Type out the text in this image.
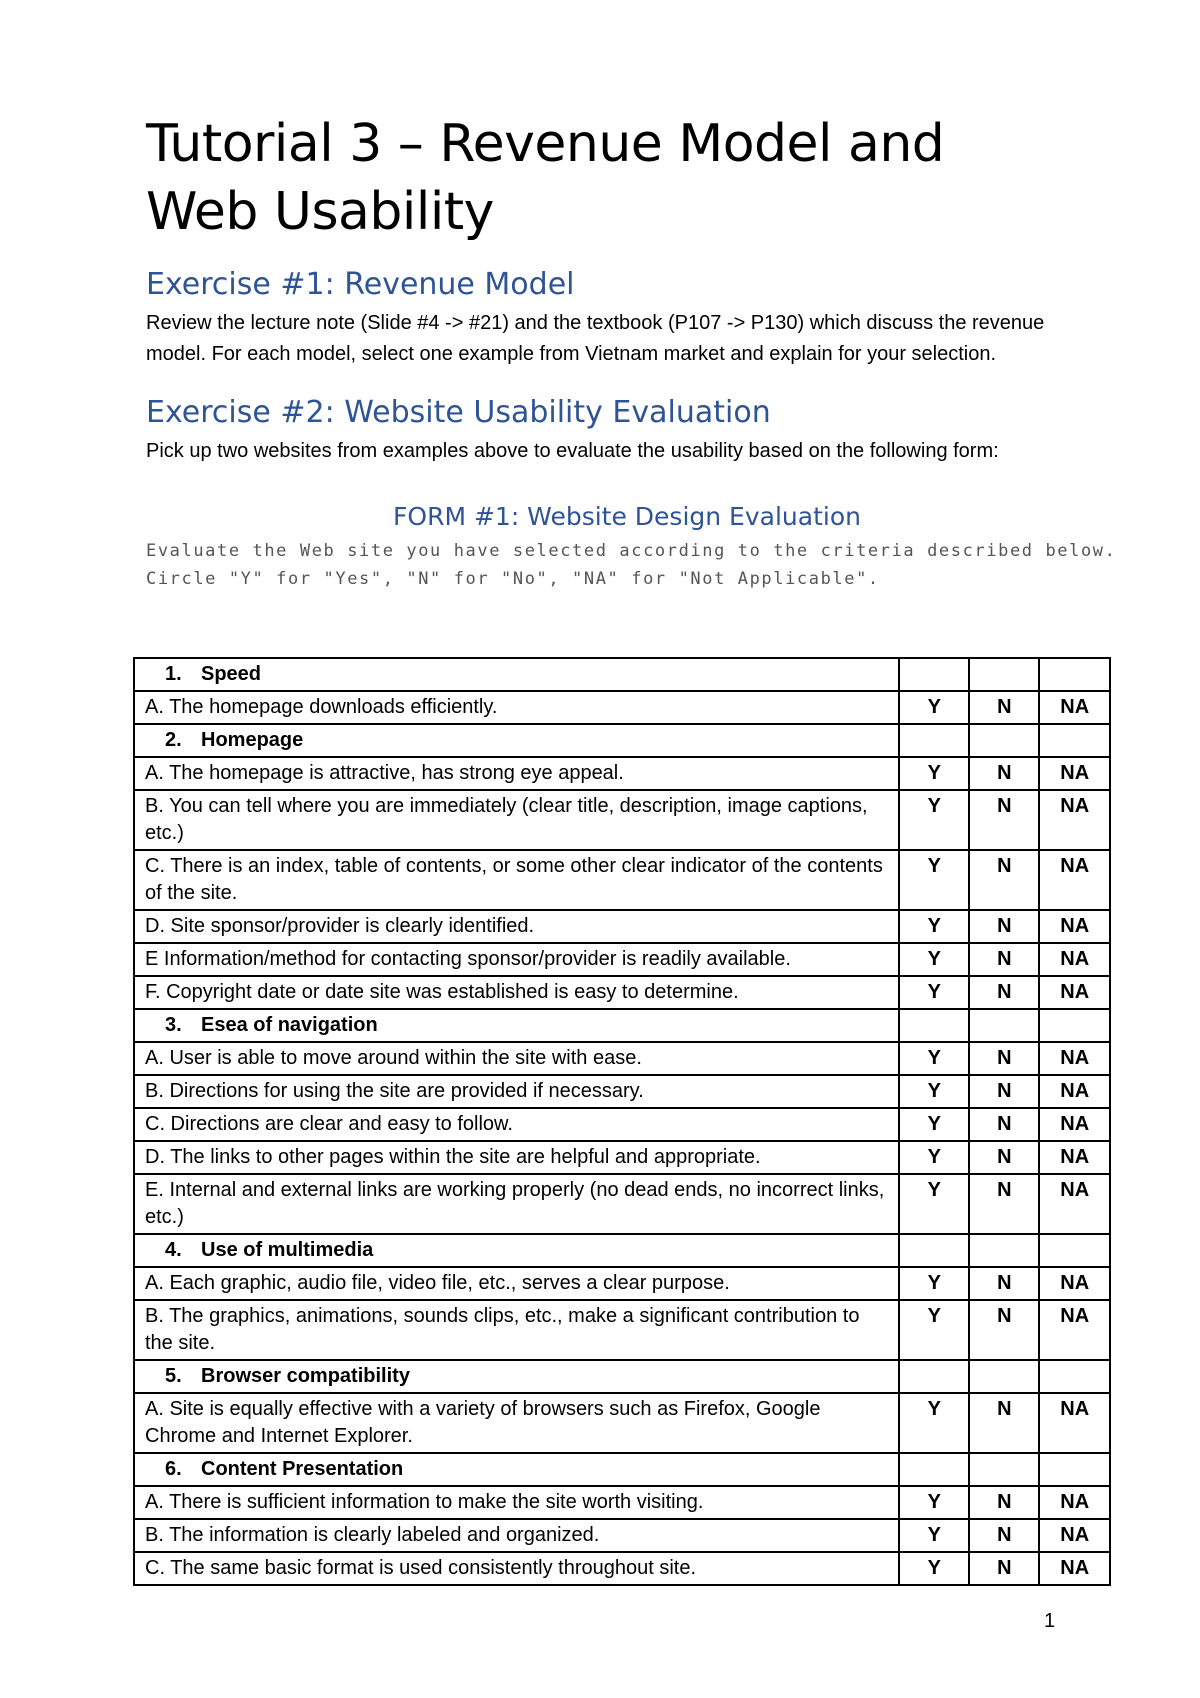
Tutorial 3 – Revenue Model and
Web Usability
Exercise #1: Revenue Model

Review the lecture note (Slide #4 -> #21) and the textbook (P107 -> P130) which discuss the revenue model. For each model, select one example from Vietnam market and explain for your selection.

Exercise #2: Website Usability Evaluation

Pick up two websites from examples above to evaluate the usability based on the following form:

FORM #1: Website Design Evaluation
Evaluate the Web site you have selected according to the criteria described below.
Circle "Y" for "Yes", "N" for "No", "NA" for "Not Applicable".
1. Speed			
A. The homepage downloads efficiently.	Y	N	NA
2. Homepage			
A. The homepage is attractive, has strong eye appeal.	Y	N	NA
B. You can tell where you are immediately (clear title, description, image captions, etc.)	Y	N	NA
C. There is an index, table of contents, or some other clear indicator of the contents of the site.	Y	N	NA
D. Site sponsor/provider is clearly identified.	Y	N	NA
E Information/method for contacting sponsor/provider is readily available.	Y	N	NA
F. Copyright date or date site was established is easy to determine.	Y	N	NA
3. Esea of navigation			
A. User is able to move around within the site with ease.	Y	N	NA
B. Directions for using the site are provided if necessary.	Y	N	NA
C. Directions are clear and easy to follow.	Y	N	NA
D. The links to other pages within the site are helpful and appropriate.	Y	N	NA
E. Internal and external links are working properly (no dead ends, no incorrect links, etc.)	Y	N	NA
4. Use of multimedia			
A. Each graphic, audio file, video file, etc., serves a clear purpose.	Y	N	NA
B. The graphics, animations, sounds clips, etc., make a significant contribution to the site.	Y	N	NA
5. Browser compatibility			
A. Site is equally effective with a variety of browsers such as Firefox, Google Chrome and Internet Explorer.	Y	N	NA
6. Content Presentation			
A. There is sufficient information to make the site worth visiting.	Y	N	NA
B. The information is clearly labeled and organized.	Y	N	NA
C. The same basic format is used consistently throughout site.	Y	N	NA
1
